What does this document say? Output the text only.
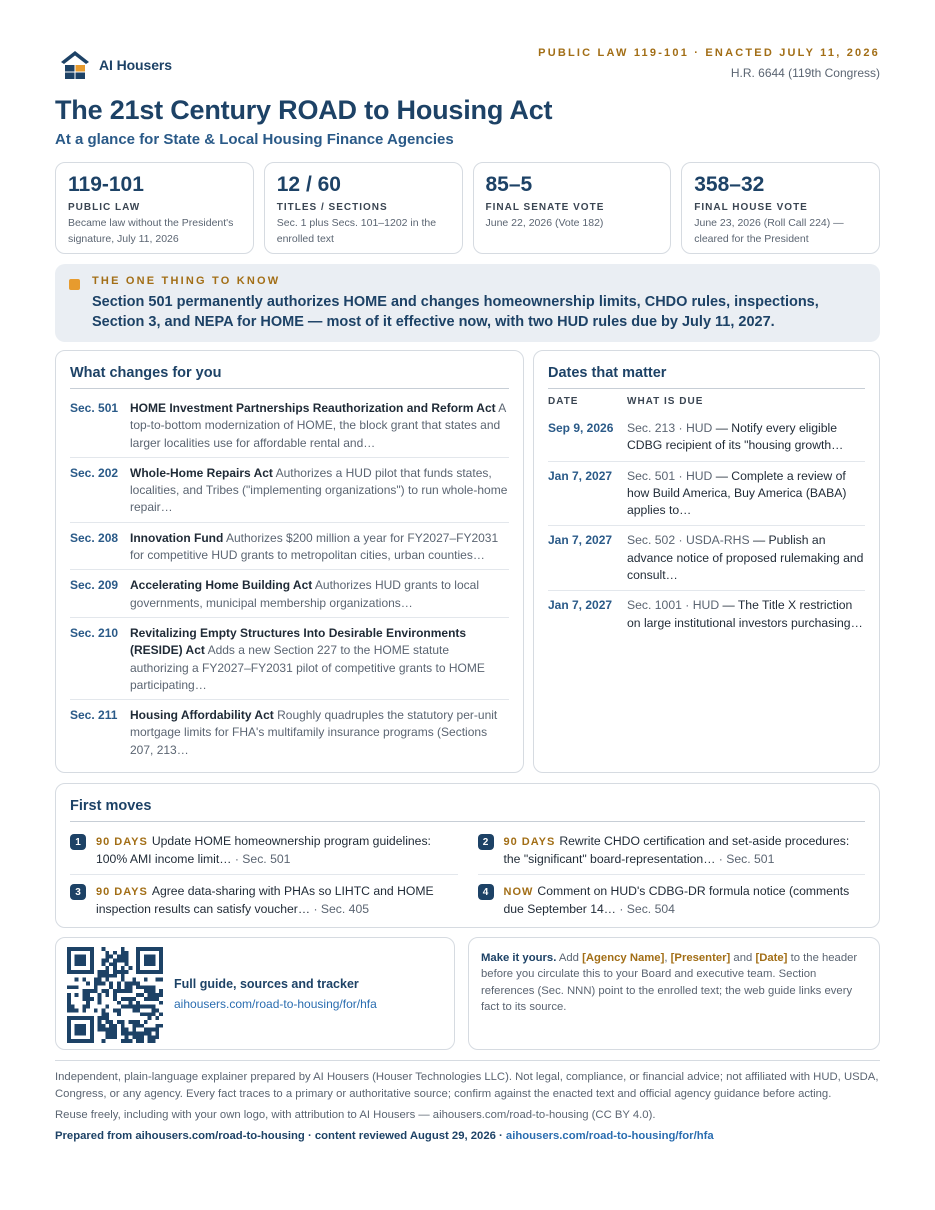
AI Housers
PUBLIC LAW 119-101 · ENACTED JULY 11, 2026
H.R. 6644 (119th Congress)
The 21st Century ROAD to Housing Act
At a glance for State & Local Housing Finance Agencies
119-101
PUBLIC LAW
Became law without the President's signature, July 11, 2026
12 / 60
TITLES / SECTIONS
Sec. 1 plus Secs. 101–1202 in the enrolled text
85–5
FINAL SENATE VOTE
June 22, 2026 (Vote 182)
358–32
FINAL HOUSE VOTE
June 23, 2026 (Roll Call 224) — cleared for the President
THE ONE THING TO KNOW
Section 501 permanently authorizes HOME and changes homeownership limits, CHDO rules, inspections, Section 3, and NEPA for HOME — most of it effective now, with two HUD rules due by July 11, 2027.
What changes for you
Sec. 501 HOME Investment Partnerships Reauthorization and Reform Act A top-to-bottom modernization of HOME, the block grant that states and larger localities use for affordable rental and…
Sec. 202 Whole-Home Repairs Act Authorizes a HUD pilot that funds states, localities, and Tribes ("implementing organizations") to run whole-home repair…
Sec. 208 Innovation Fund Authorizes $200 million a year for FY2027–FY2031 for competitive HUD grants to metropolitan cities, urban counties…
Sec. 209 Accelerating Home Building Act Authorizes HUD grants to local governments, municipal membership organizations…
Sec. 210 Revitalizing Empty Structures Into Desirable Environments (RESIDE) Act Adds a new Section 227 to the HOME statute authorizing a FY2027–FY2031 pilot of competitive grants to HOME participating…
Sec. 211	Housing Affordability Act Roughly quadruples the statutory per-unit mortgage limits for FHA's multifamily insurance programs (Sections 207, 213…
Dates that matter
DATE	WHAT IS DUE
Sep 9, 2026	Sec. 213 · HUD — Notify every eligible CDBG recipient of its "housing growth…
Jan 7, 2027	Sec. 501 · HUD — Complete a review of how Build America, Buy America (BABA) applies to…
Jan 7, 2027	Sec. 502 · USDA-RHS — Publish an advance notice of proposed rulemaking and consult…
Jan 7, 2027	Sec. 1001 · HUD — The Title X restriction on large institutional investors purchasing…
First moves
1	90 DAYS Update HOME homeownership program guidelines: 100% AMI income limit… · Sec. 501
2	90 DAYS Rewrite CHDO certification and set-aside procedures: the "significant" board-representation… · Sec. 501
3	90 DAYS Agree data-sharing with PHAs so LIHTC and HOME inspection results can satisfy voucher… · Sec. 405
4	NOW Comment on HUD's CDBG-DR formula notice (comments due September 14… · Sec. 504
Full guide, sources and tracker
aihousers.com/road-to-housing/for/hfa
Make it yours. Add [Agency Name], [Presenter] and [Date] to the header before you circulate this to your Board and executive team. Section references (Sec. NNN) point to the enrolled text; the web guide links every fact to its source.

Independent, plain-language explainer prepared by AI Housers (Houser Technologies LLC). Not legal, compliance, or financial advice; not affiliated with HUD, USDA, Congress, or any agency. Every fact traces to a primary or authoritative source; confirm against the enacted text and official agency guidance before acting.

Reuse freely, including with your own logo, with attribution to AI Housers — aihousers.com/road-to-housing (CC BY 4.0).

Prepared from aihousers.com/road-to-housing · content reviewed August 29, 2026 · aihousers.com/road-to-housing/for/hfa
